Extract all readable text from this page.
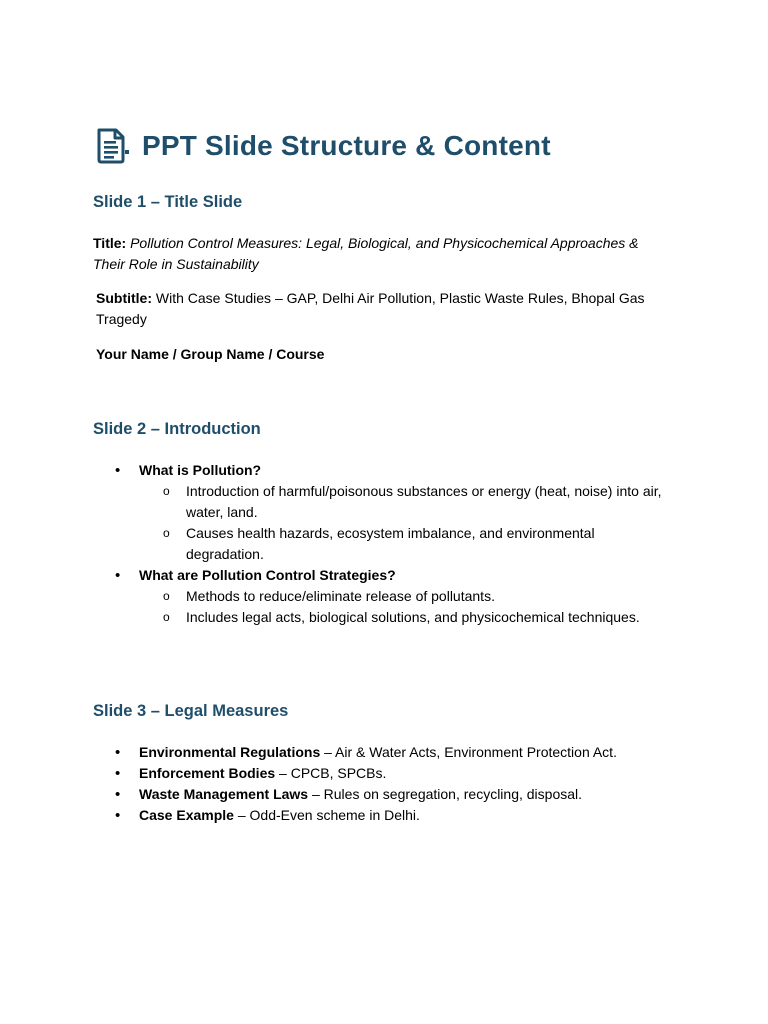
PPT Slide Structure & Content
Slide 1 – Title Slide
Title: Pollution Control Measures: Legal, Biological, and Physicochemical Approaches & Their Role in Sustainability
Subtitle: With Case Studies – GAP, Delhi Air Pollution, Plastic Waste Rules, Bhopal Gas Tragedy
Your Name / Group Name / Course
Slide 2 – Introduction
• What is Pollution?
o Introduction of harmful/poisonous substances or energy (heat, noise) into air, water, land.
o Causes health hazards, ecosystem imbalance, and environmental degradation.
• What are Pollution Control Strategies?
o Methods to reduce/eliminate release of pollutants.
o Includes legal acts, biological solutions, and physicochemical techniques.
Slide 3 – Legal Measures
• Environmental Regulations – Air & Water Acts, Environment Protection Act.
• Enforcement Bodies – CPCB, SPCBs.
• Waste Management Laws – Rules on segregation, recycling, disposal.
• Case Example – Odd-Even scheme in Delhi.
